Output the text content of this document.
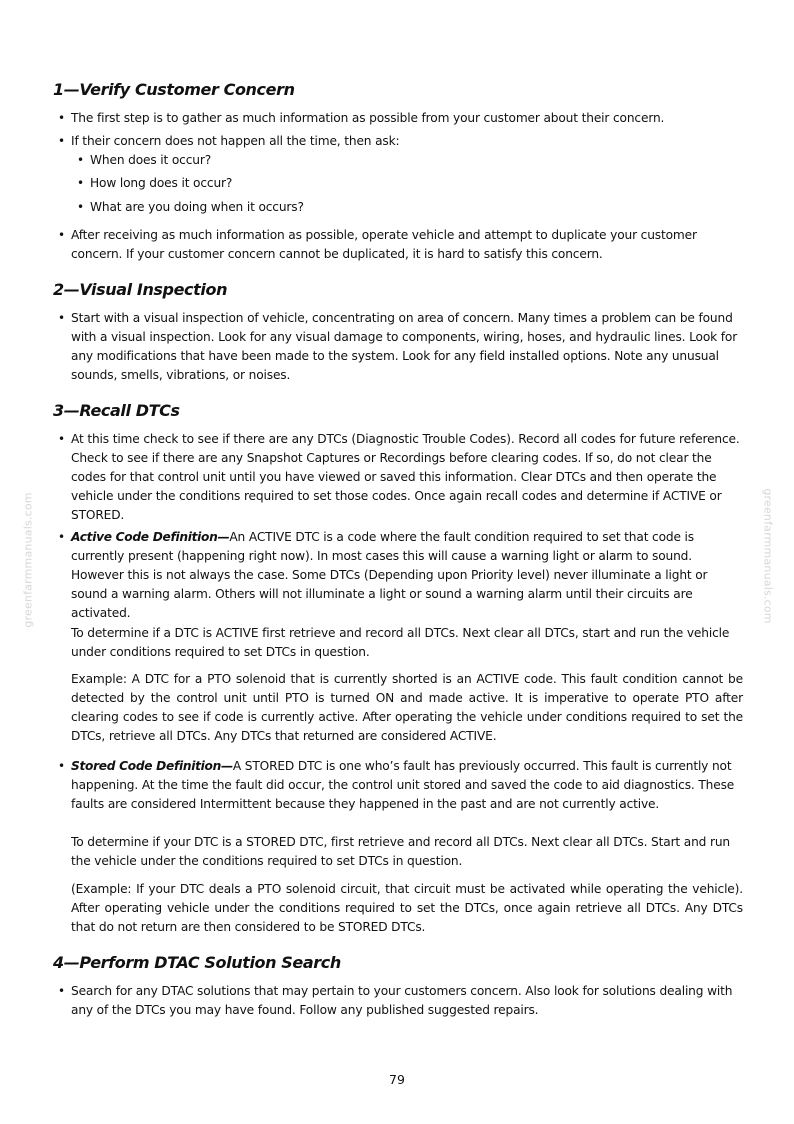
greenfarmmanuals.com	greenfarmmanuals.com
1—Verify Customer Concern

• The first step is to gather as much information as possible from your customer about their concern.

• If their concern does not happen all the time, then ask:

• When does it occur?

• How long does it occur?

• What are you doing when it occurs?

• After receiving as much information as possible, operate vehicle and attempt to duplicate your customer concern. If your customer concern cannot be duplicated, it is hard to satisfy this concern.

2—Visual Inspection

• Start with a visual inspection of vehicle, concentrating on area of concern. Many times a problem can be found with a visual inspection. Look for any visual damage to components, wiring, hoses, and hydraulic lines. Look for any modifications that have been made to the system. Look for any field installed options. Note any unusual sounds, smells, vibrations, or noises.

3—Recall DTCs

• At this time check to see if there are any DTCs (Diagnostic Trouble Codes). Record all codes for future reference. Check to see if there are any Snapshot Captures or Recordings before clearing codes. If so, do not clear the codes for that control unit until you have viewed or saved this information. Clear DTCs and then operate the vehicle under the conditions required to set those codes. Once again recall codes and determine if ACTIVE or STORED.

• Active Code Definition—An ACTIVE DTC is a code where the fault condition required to set that code is currently present (happening right now). In most cases this will cause a warning light or alarm to sound. However this is not always the case. Some DTCs (Depending upon Priority level) never illuminate a light or sound a warning alarm. Others will not illuminate a light or sound a warning alarm until their circuits are activated.

To determine if a DTC is ACTIVE first retrieve and record all DTCs. Next clear all DTCs, start and run the vehicle under conditions required to set DTCs in question.

Example: A DTC for a PTO solenoid that is currently shorted is an ACTIVE code. This fault condition cannot be detected by the control unit until PTO is turned ON and made active. It is imperative to operate PTO after clearing codes to see if code is currently active. After operating the vehicle under conditions required to set the DTCs, retrieve all DTCs. Any DTCs that returned are considered ACTIVE.

• Stored Code Definition—A STORED DTC is one who’s fault has previously occurred. This fault is currently not happening. At the time the fault did occur, the control unit stored and saved the code to aid diagnostics. These faults are considered Intermittent because they happened in the past and are not currently active.

To determine if your DTC is a STORED DTC, first retrieve and record all DTCs. Next clear all DTCs. Start and run the vehicle under the conditions required to set DTCs in question.

(Example: If your DTC deals a PTO solenoid circuit, that circuit must be activated while operating the vehicle). After operating vehicle under the conditions required to set the DTCs, once again retrieve all DTCs. Any DTCs that do not return are then considered to be STORED DTCs.

4—Perform DTAC Solution Search

• Search for any DTAC solutions that may pertain to your customers concern. Also look for solutions dealing with any of the DTCs you may have found. Follow any published suggested repairs.

79
